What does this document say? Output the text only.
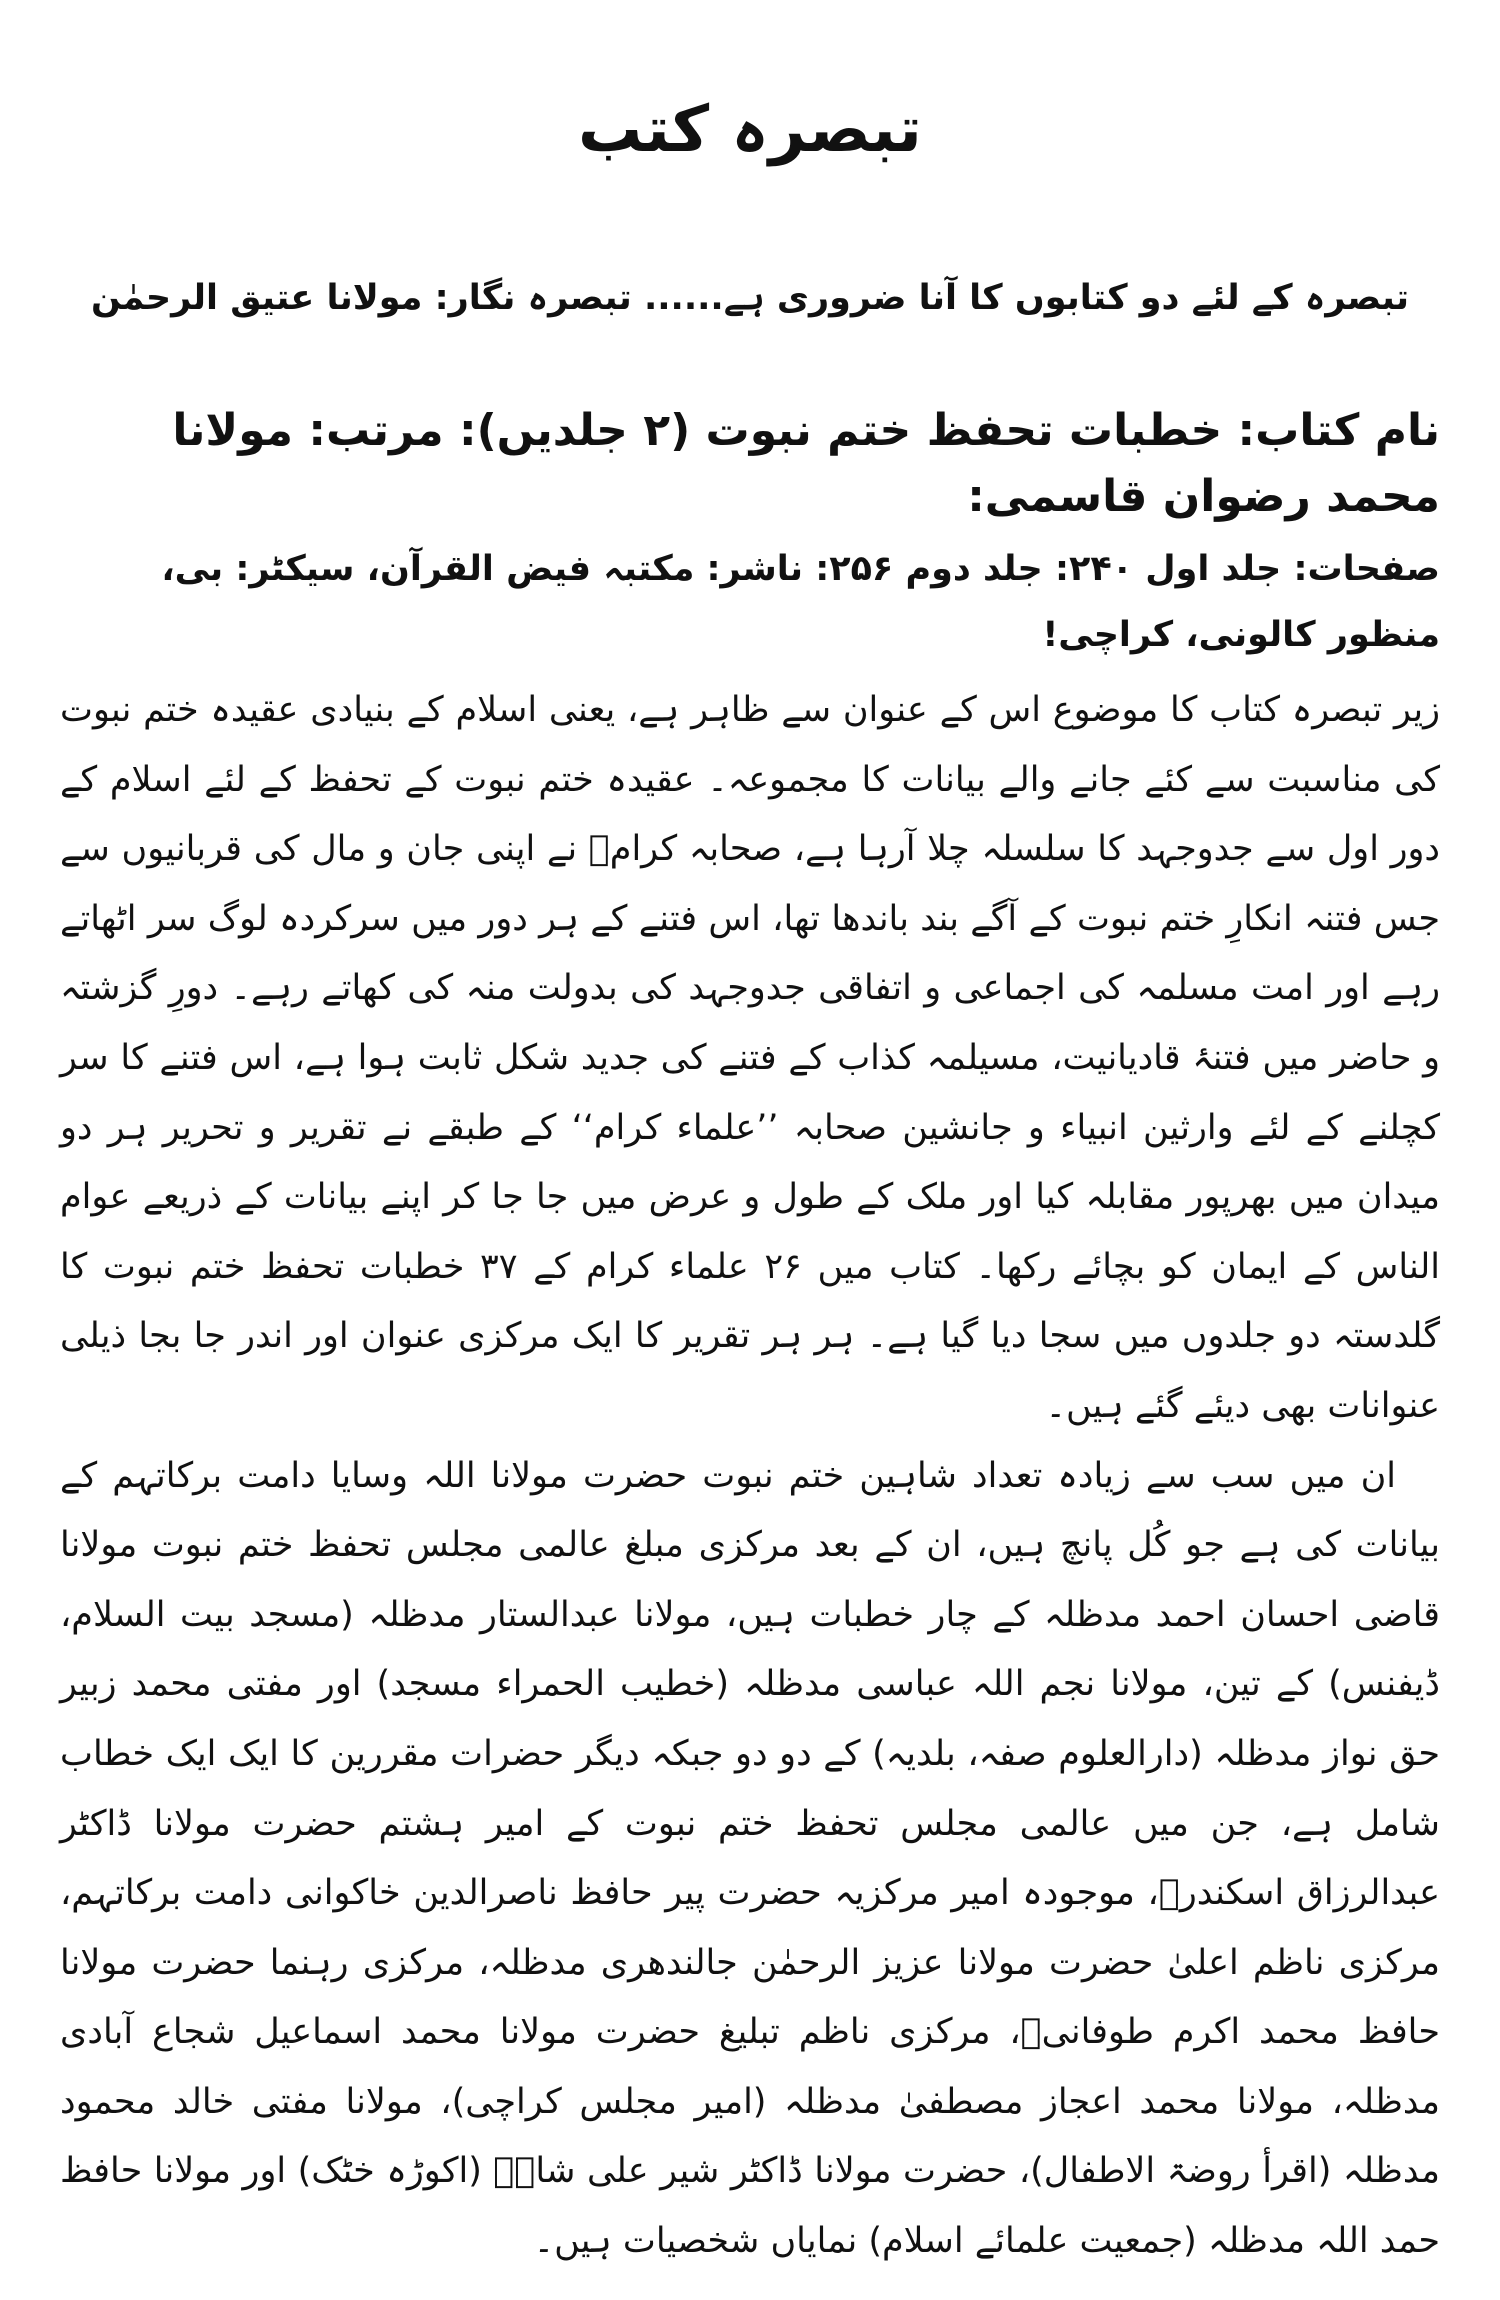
تبصرہ کتب
تبصرہ کے لئے دو کتابوں کا آنا ضروری ہے...... تبصرہ نگار: مولانا عتیق الرحمٰن
نام کتاب: خطبات تحفظ ختم نبوت (۲ جلدیں): مرتب: مولانا محمد رضوان قاسمی:
صفحات: جلد اول ۲۴۰: جلد دوم ۲۵۶: ناشر: مکتبہ فیض القرآن، سیکٹر: بی، منظور کالونی، کراچی!

زیر تبصرہ کتاب کا موضوع اس کے عنوان سے ظاہر ہے، یعنی اسلام کے بنیادی عقیدہ ختم نبوت کی مناسبت سے کئے جانے والے بیانات کا مجموعہ۔ عقیدہ ختم نبوت کے تحفظ کے لئے اسلام کے دور اول سے جدوجہد کا سلسلہ چلا آرہا ہے، صحابہ کرامؓ نے اپنی جان و مال کی قربانیوں سے جس فتنہ انکارِ ختم نبوت کے آگے بند باندھا تھا، اس فتنے کے ہر دور میں سرکردہ لوگ سر اٹھاتے رہے اور امت مسلمہ کی اجماعی و اتفاقی جدوجہد کی بدولت منہ کی کھاتے رہے۔ دورِ گزشتہ و حاضر میں فتنۂ قادیانیت، مسیلمہ کذاب کے فتنے کی جدید شکل ثابت ہوا ہے، اس فتنے کا سر کچلنے کے لئے وارثین انبیاء و جانشین صحابہ ’’علماء کرام‘‘ کے طبقے نے تقریر و تحریر ہر دو میدان میں بھرپور مقابلہ کیا اور ملک کے طول و عرض میں جا جا کر اپنے بیانات کے ذریعے عوام الناس کے ایمان کو بچائے رکھا۔ کتاب میں ۲۶ علماء کرام کے ۳۷ خطبات تحفظ ختم نبوت کا گلدستہ دو جلدوں میں سجا دیا گیا ہے۔ ہر ہر تقریر کا ایک مرکزی عنوان اور اندر جا بجا ذیلی عنوانات بھی دیئے گئے ہیں۔

ان میں سب سے زیادہ تعداد شاہین ختم نبوت حضرت مولانا اللہ وسایا دامت برکاتہم کے بیانات کی ہے جو کُل پانچ ہیں، ان کے بعد مرکزی مبلغ عالمی مجلس تحفظ ختم نبوت مولانا قاضی احسان احمد مدظلہ کے چار خطبات ہیں، مولانا عبدالستار مدظلہ (مسجد بیت السلام، ڈیفنس) کے تین، مولانا نجم اللہ عباسی مدظلہ (خطیب الحمراء مسجد) اور مفتی محمد زبیر حق نواز مدظلہ (دارالعلوم صفہ، بلدیہ) کے دو دو جبکہ دیگر حضرات مقررین کا ایک ایک خطاب شامل ہے، جن میں عالمی مجلس تحفظ ختم نبوت کے امیر ہشتم حضرت مولانا ڈاکٹر عبدالرزاق اسکندرؒ، موجودہ امیر مرکزیہ حضرت پیر حافظ ناصرالدین خاکوانی دامت برکاتہم، مرکزی ناظم اعلیٰ حضرت مولانا عزیز الرحمٰن جالندھری مدظلہ، مرکزی رہنما حضرت مولانا حافظ محمد اکرم طوفانیؒ، مرکزی ناظم تبلیغ حضرت مولانا محمد اسماعیل شجاع آبادی مدظلہ، مولانا محمد اعجاز مصطفیٰ مدظلہ (امیر مجلس کراچی)، مولانا مفتی خالد محمود مدظلہ (اقرأ روضۃ الاطفال)، حضرت مولانا ڈاکٹر شیر علی شاہؒ (اکوڑہ خٹک) اور مولانا حافظ حمد اللہ مدظلہ (جمعیت علمائے اسلام) نمایاں شخصیات ہیں۔
